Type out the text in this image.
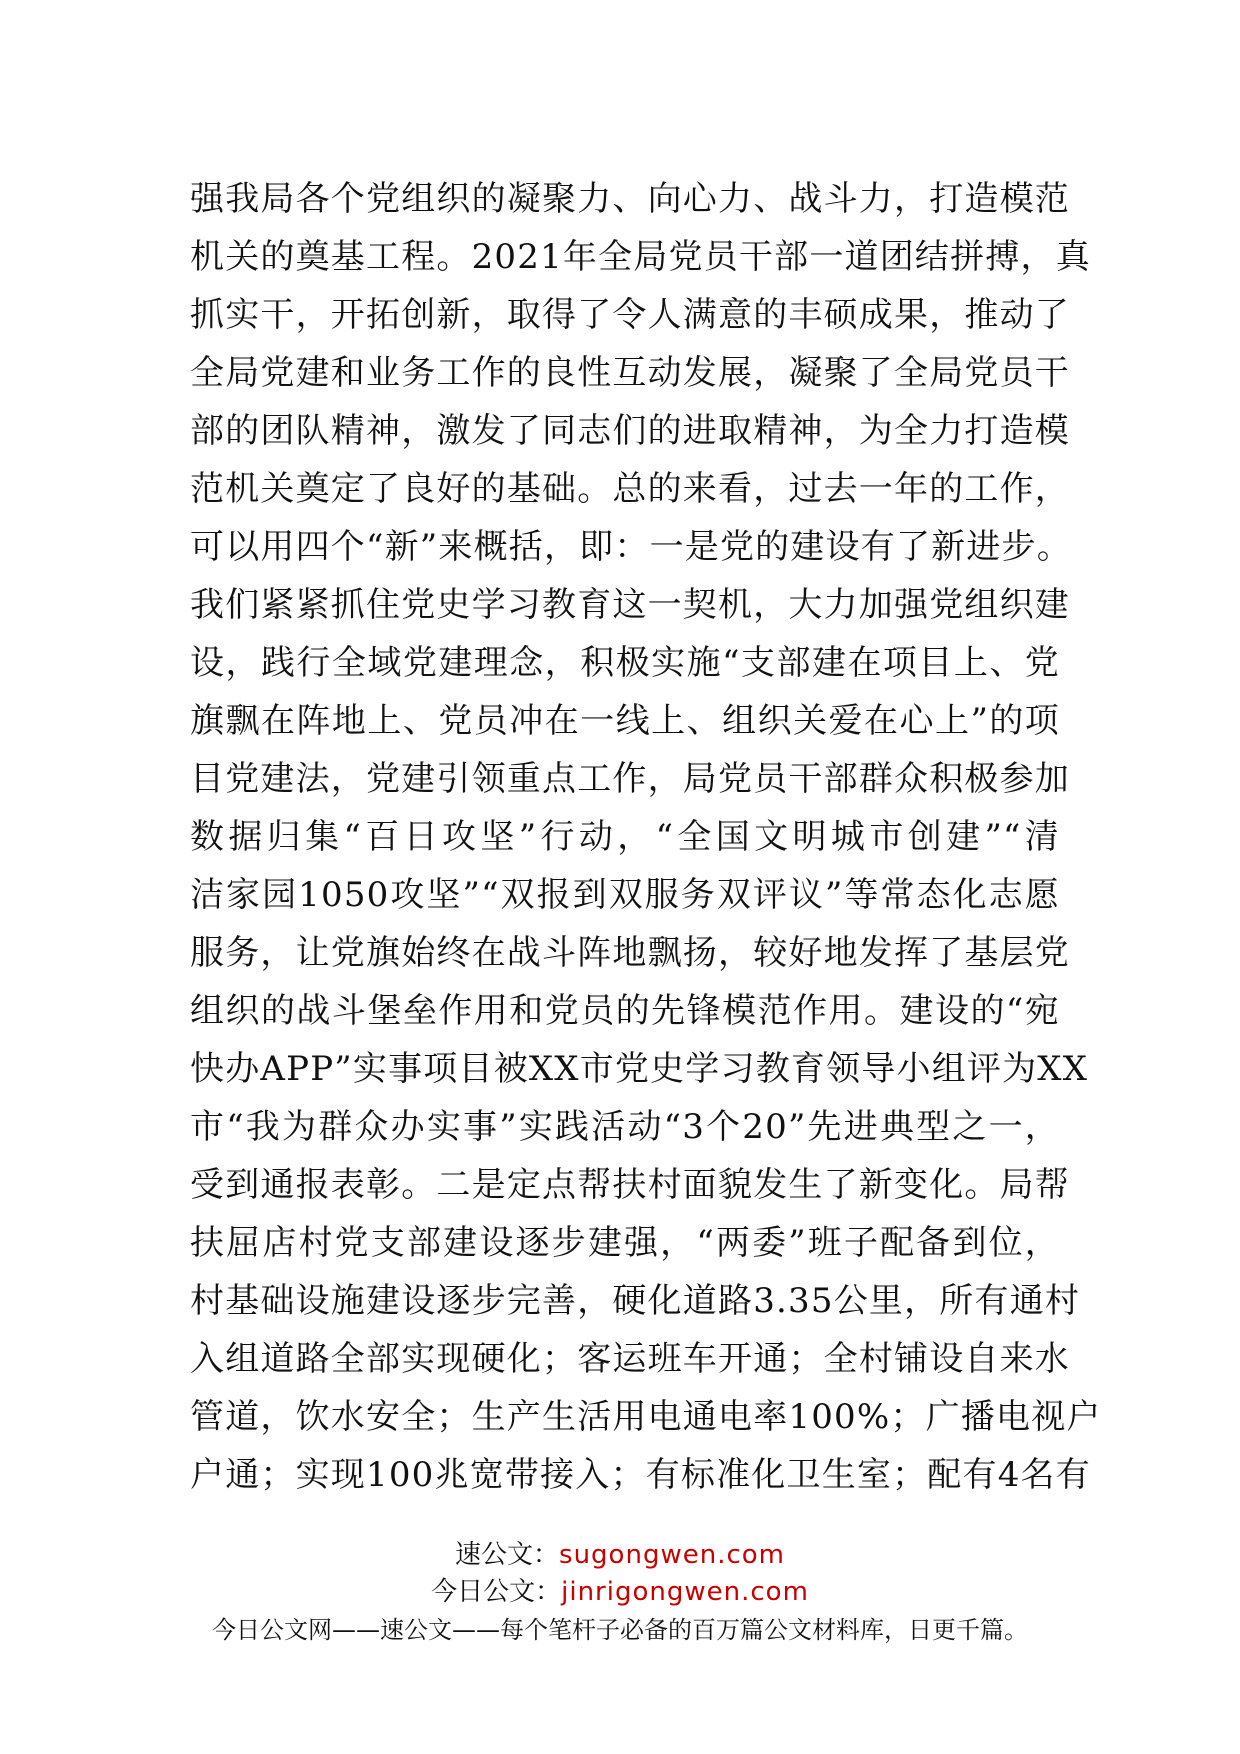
强我局各个党组织的凝聚力、向心力、战斗力，打造模范
机关的奠基工程。2021年全局党员干部一道团结拼搏，真
抓实干，开拓创新，取得了令人满意的丰硕成果，推动了
全局党建和业务工作的良性互动发展，凝聚了全局党员干
部的团队精神，激发了同志们的进取精神，为全力打造模
范机关奠定了良好的基础。总的来看，过去一年的工作，
可以用四个“新”来概括，即：一是党的建设有了新进步。
我们紧紧抓住党史学习教育这一契机，大力加强党组织建
设，践行全域党建理念，积极实施“支部建在项目上、党
旗飘在阵地上、党员冲在一线上、组织关爱在心上”的项
目党建法，党建引领重点工作，局党员干部群众积极参加
数据归集“百日攻坚”行动，“全国文明城市创建”“清
洁家园1050攻坚”“双报到双服务双评议”等常态化志愿
服务，让党旗始终在战斗阵地飘扬，较好地发挥了基层党
组织的战斗堡垒作用和党员的先锋模范作用。建设的“宛
快办APP”实事项目被XX市党史学习教育领导小组评为XX
市“我为群众办实事”实践活动“3个20”先进典型之一，
受到通报表彰。二是定点帮扶村面貌发生了新变化。局帮
扶屈店村党支部建设逐步建强，“两委”班子配备到位，
村基础设施建设逐步完善，硬化道路3.35公里，所有通村
入组道路全部实现硬化；客运班车开通；全村铺设自来水
管道，饮水安全；生产生活用电通电率100%；广播电视户
户通；实现100兆宽带接入；有标准化卫生室；配有4名有
速公文：sugongwen.com
今日公文：jinrigongwen.com
今日公文网——速公文——每个笔杆子必备的百万篇公文材料库，日更千篇。
